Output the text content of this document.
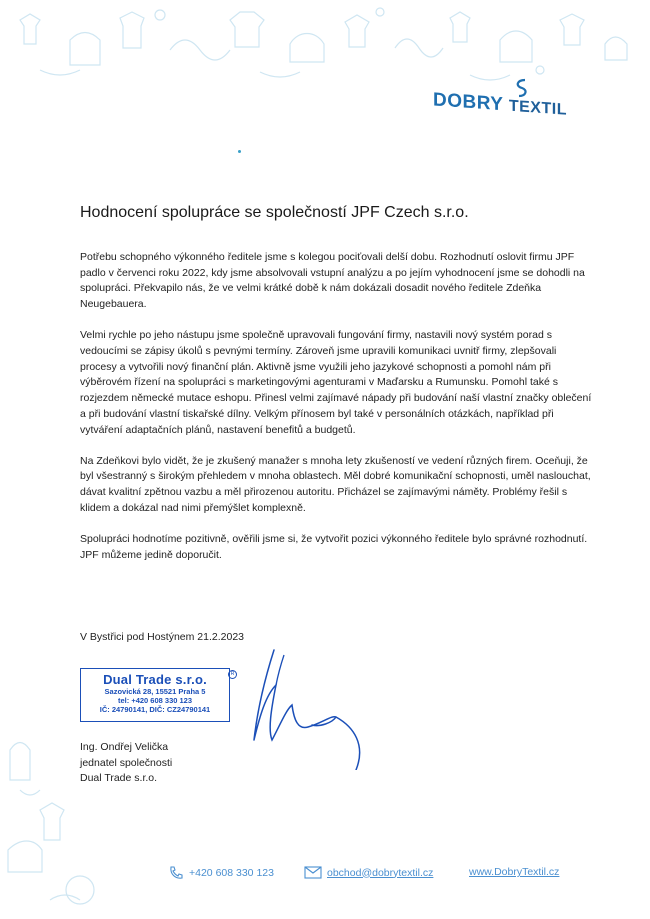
DOBRY TEXTIL
Hodnocení spolupráce se společností JPF Czech s.r.o.

Potřebu schopného výkonného ředitele jsme s kolegou pociťovali delší dobu. Rozhodnutí oslovit firmu JPF padlo v červenci roku 2022, kdy jsme absolvovali vstupní analýzu a po jejím vyhodnocení jsme se dohodli na spolupráci. Překvapilo nás, že ve velmi krátké době k nám dokázali dosadit nového ředitele Zdeňka Neugebauera.

Velmi rychle po jeho nástupu jsme společně upravovali fungování firmy, nastavili nový systém porad s vedoucími se zápisy úkolů s pevnými termíny. Zároveň jsme upravili komunikaci uvnitř firmy, zlepšovali procesy a vytvořili nový finanční plán. Aktivně jsme využili jeho jazykové schopnosti a pomohl nám při výběrovém řízení na spolupráci s marketingovými agenturami v Maďarsku a Rumunsku. Pomohl také s rozjezdem německé mutace eshopu. Přinesl velmi zajímavé nápady při budování naší vlastní značky oblečení a při budování vlastní tiskařské dílny. Velkým přínosem byl také v personálních otázkách, například při vytváření adaptačních plánů, nastavení benefitů a budgetů.

Na Zdeňkovi bylo vidět, že je zkušený manažer s mnoha lety zkušeností ve vedení různých firem. Oceňuji, že byl všestranný s širokým přehledem v mnoha oblastech. Měl dobré komunikační schopnosti, uměl naslouchat, dávat kvalitní zpětnou vazbu a měl přirozenou autoritu. Přicházel se zajímavými náměty. Problémy řešil s klidem a dokázal nad nimi přemýšlet komplexně.

Spolupráci hodnotíme pozitivně, ověřili jsme si, že vytvořit pozici výkonného ředitele bylo správné rozhodnutí. JPF můžeme jedině doporučit.

V Bystřici pod Hostýnem 21.2.2023
Dual Trade s.r.o.
Sazovická 28, 15521 Praha 5
tel: +420 608 330 123
IČ: 24790141, DIČ: CZ24790141
R
Ing. Ondřej Velička
jednatel společnosti
Dual Trade s.r.o.
+420 608 330 123	obchod@dobrytextil.cz	www.DobryTextil.cz
